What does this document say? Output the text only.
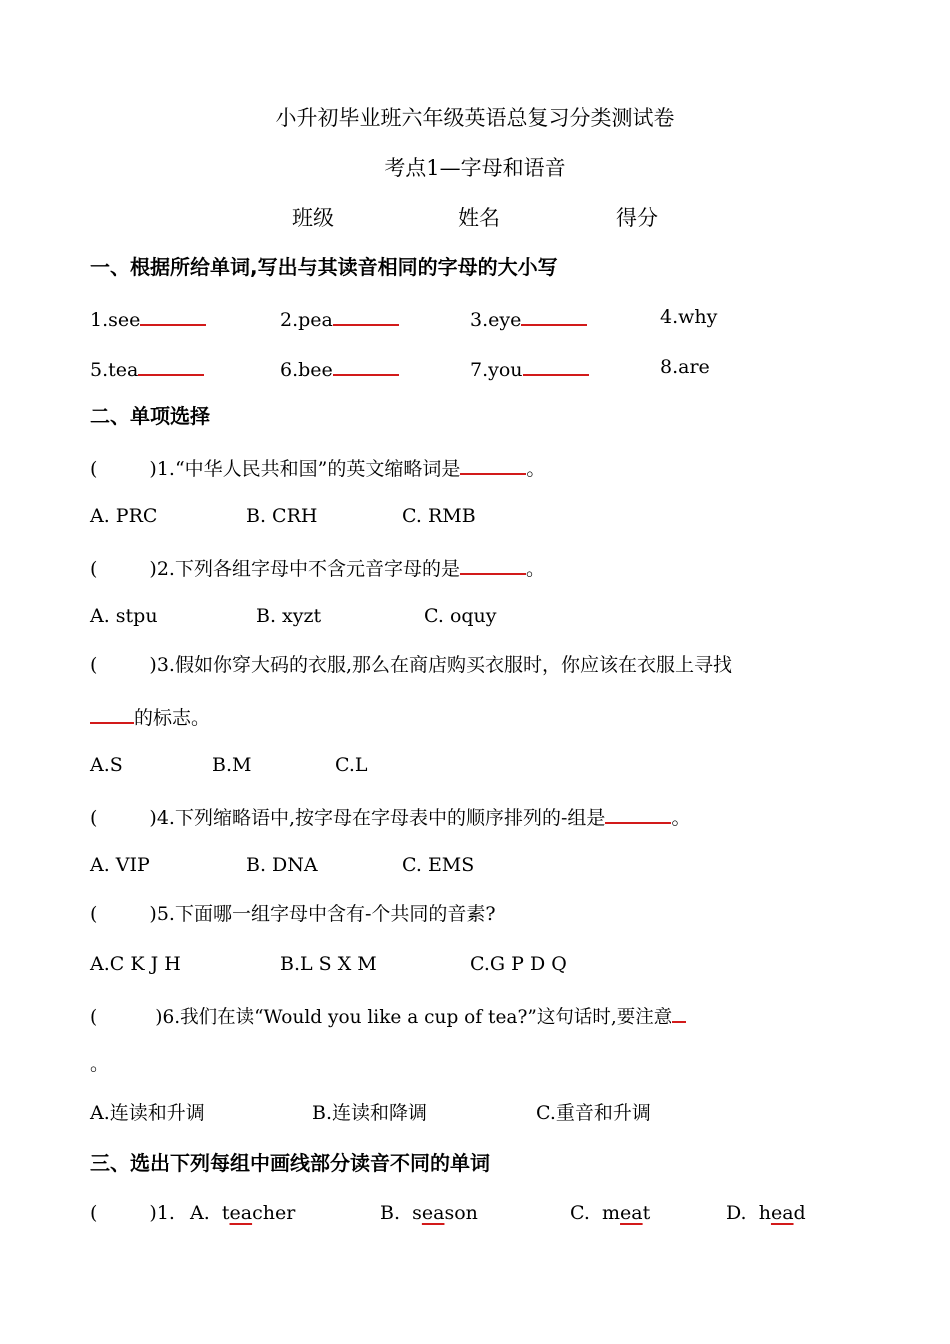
小升初毕业班六年级英语总复习分类测试卷
考点1—字母和语音
班级	姓名	得分
一、根据所给单词,写出与其读音相同的字母的大小写
1.see	2.pea	3.eye	4.why
5.tea	6.bee	7.you	8.are
二、单项选择
(	)1.“中华人民共和国”的英文缩略词是	。
A. PRC	B. CRH	C. RMB
(	)2.下列各组字母中不含元音字母的是	。
A. stpu	B. xyzt	C. oquy
(	)3.假如你穿大码的衣服,那么在商店购买衣服时，你应该在衣服上寻找
的标志。
A.S	B.M	C.L
(	)4.下列缩略语中,按字母在字母表中的顺序排列的-组是	。
A. VIP	B. DNA	C. EMS
(	)5.下面哪一组字母中含有-个共同的音素?
A.C K J H	B.L S X M	C.G P D Q
(	)6.我们在读“Would you like a cup of tea?”这句话时,要注意
。
A.连读和升调	B.连读和降调	C.重音和升调
三、选出下列每组中画线部分读音不同的单词
(	)1. A. teacher	B. season	C. meat	D. head
